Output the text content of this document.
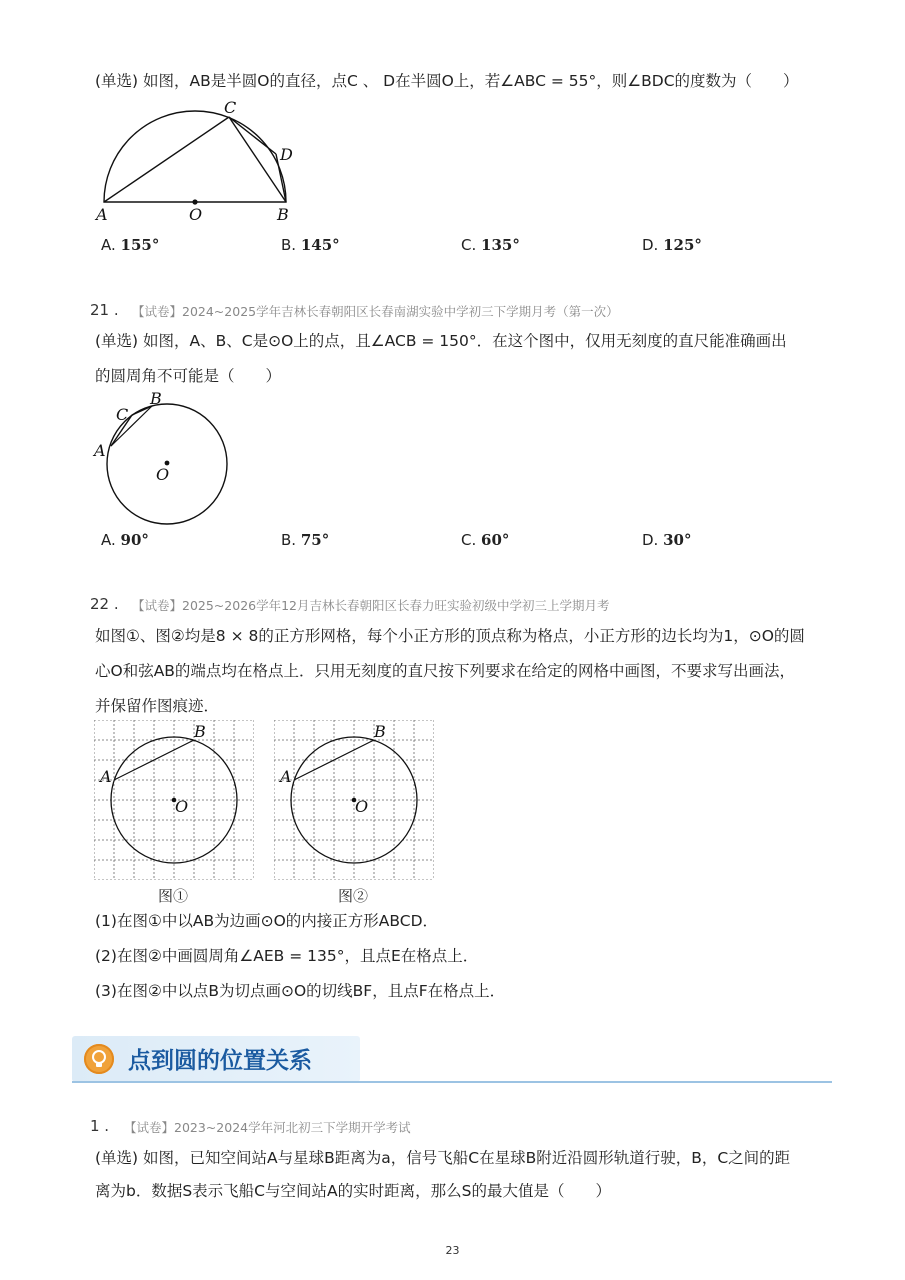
(单选) 如图，AB是半圆O的直径，点C 、 D在半圆O上，若∠ABC = 55°，则∠BDC的度数为（　　）
A	O	B
C
D
A. 155°	B. 145°	C. 135°	D. 125°
21 . 【试卷】2024~2025学年吉林长春朝阳区长春南湖实验中学初三下学期月考（第一次）
(单选) 如图，A、B、C是⊙O上的点，且∠ACB = 150°．在这个图中，仅用无刻度的直尺能准确画出
的圆周角不可能是（　　）
A
C
B
O
A. 90°	B. 75°	C. 60°	D. 30°
22 . 【试卷】2025~2026学年12月吉林长春朝阳区长春力旺实验初级中学初三上学期月考
如图①、图②均是8 × 8的正方形网格，每个小正方形的顶点称为格点，小正方形的边长均为1，⊙O的圆
心O和弦AB的端点均在格点上．只用无刻度的直尺按下列要求在给定的网格中画图，不要求写出画法，
并保留作图痕迹．
A
B
O
图①
A
B
O
图②
(1)在图①中以AB为边画⊙O的内接正方形ABCD．
(2)在图②中画圆周角∠AEB = 135°，且点E在格点上．
(3)在图②中以点B为切点画⊙O的切线BF，且点F在格点上．
点到圆的位置关系
1 . 【试卷】2023~2024学年河北初三下学期开学考试
(单选) 如图，已知空间站A与星球B距离为a，信号飞船C在星球B附近沿圆形轨道行驶，B，C之间的距
离为b．数据S表示飞船C与空间站A的实时距离，那么S的最大值是（　　）
23
